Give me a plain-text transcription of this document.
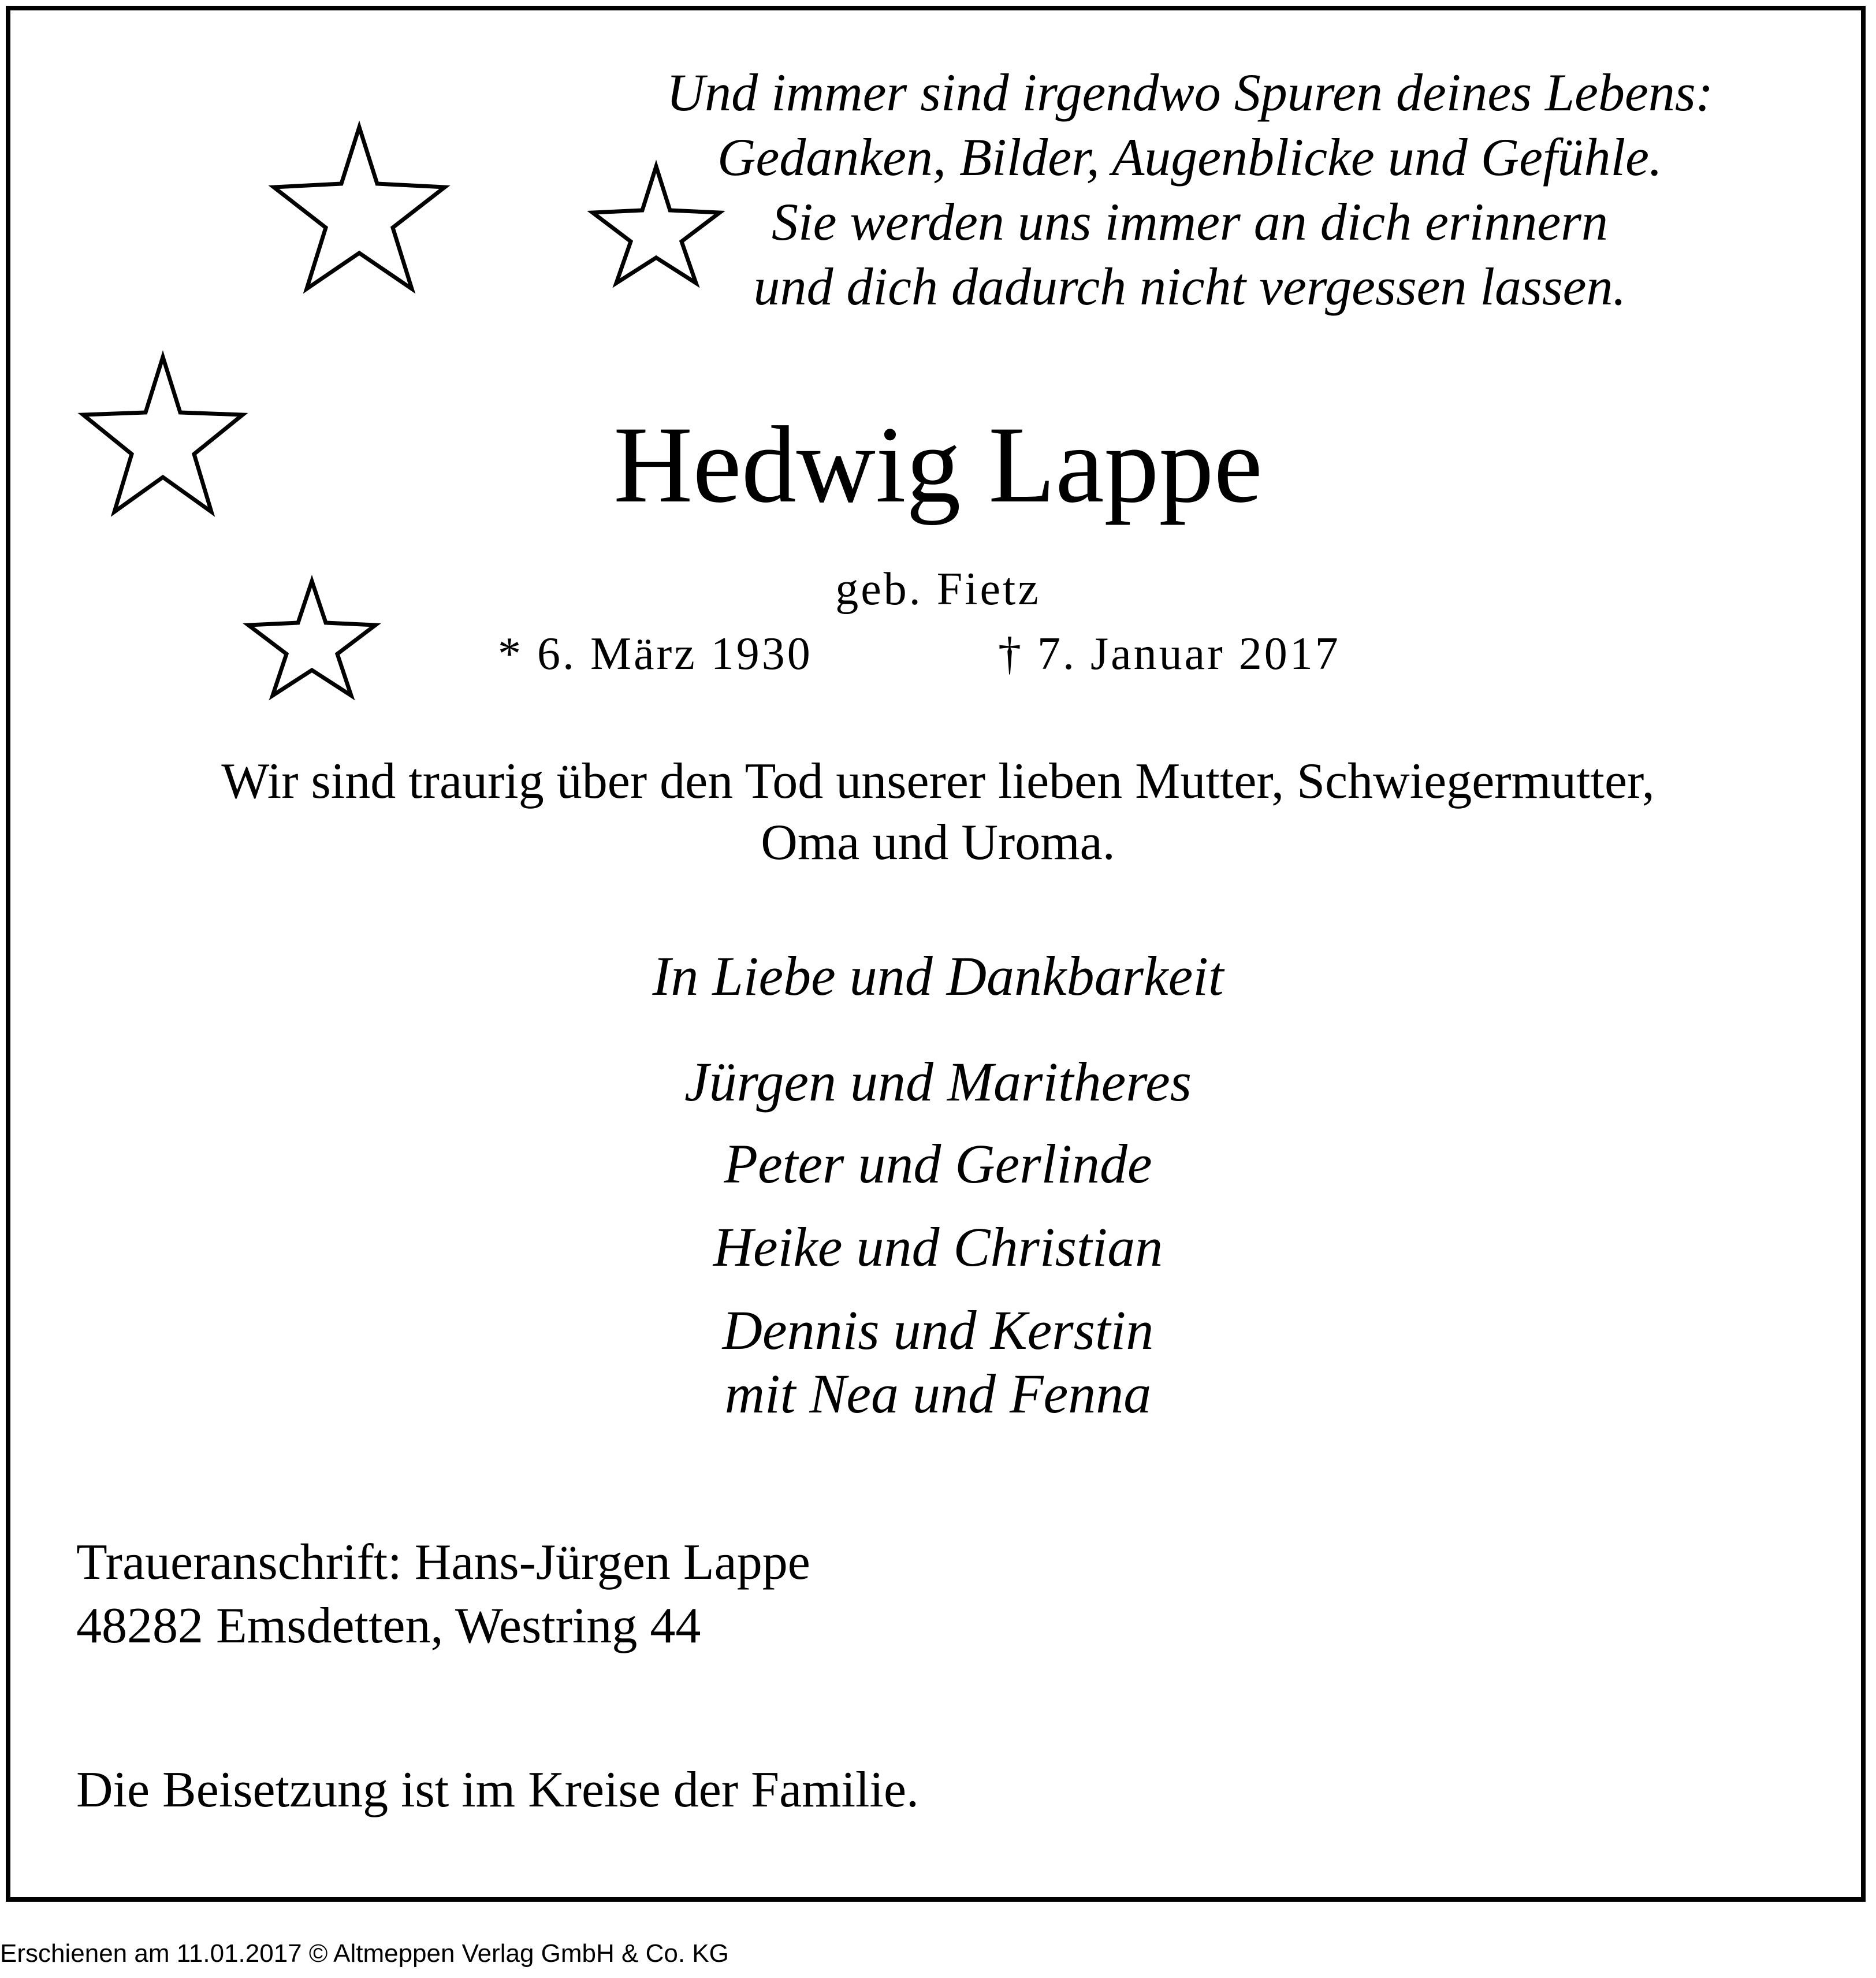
Und immer sind irgendwo Spuren deines Lebens:
Gedanken, Bilder, Augenblicke und Gefühle.
Sie werden uns immer an dich erinnern
und dich dadurch nicht vergessen lassen.
Hedwig Lappe
geb. Fietz
* 6. März 1930	† 7. Januar 2017
Wir sind traurig über den Tod unserer lieben Mutter, Schwiegermutter,
Oma und Uroma.
In Liebe und Dankbarkeit
Jürgen und Maritheres
Peter und Gerlinde
Heike und Christian
Dennis und Kerstin
mit Nea und Fenna
Traueranschrift: Hans-Jürgen Lappe
48282 Emsdetten, Westring 44
Die Beisetzung ist im Kreise der Familie.
Erschienen am 11.01.2017 © Altmeppen Verlag GmbH & Co. KG
